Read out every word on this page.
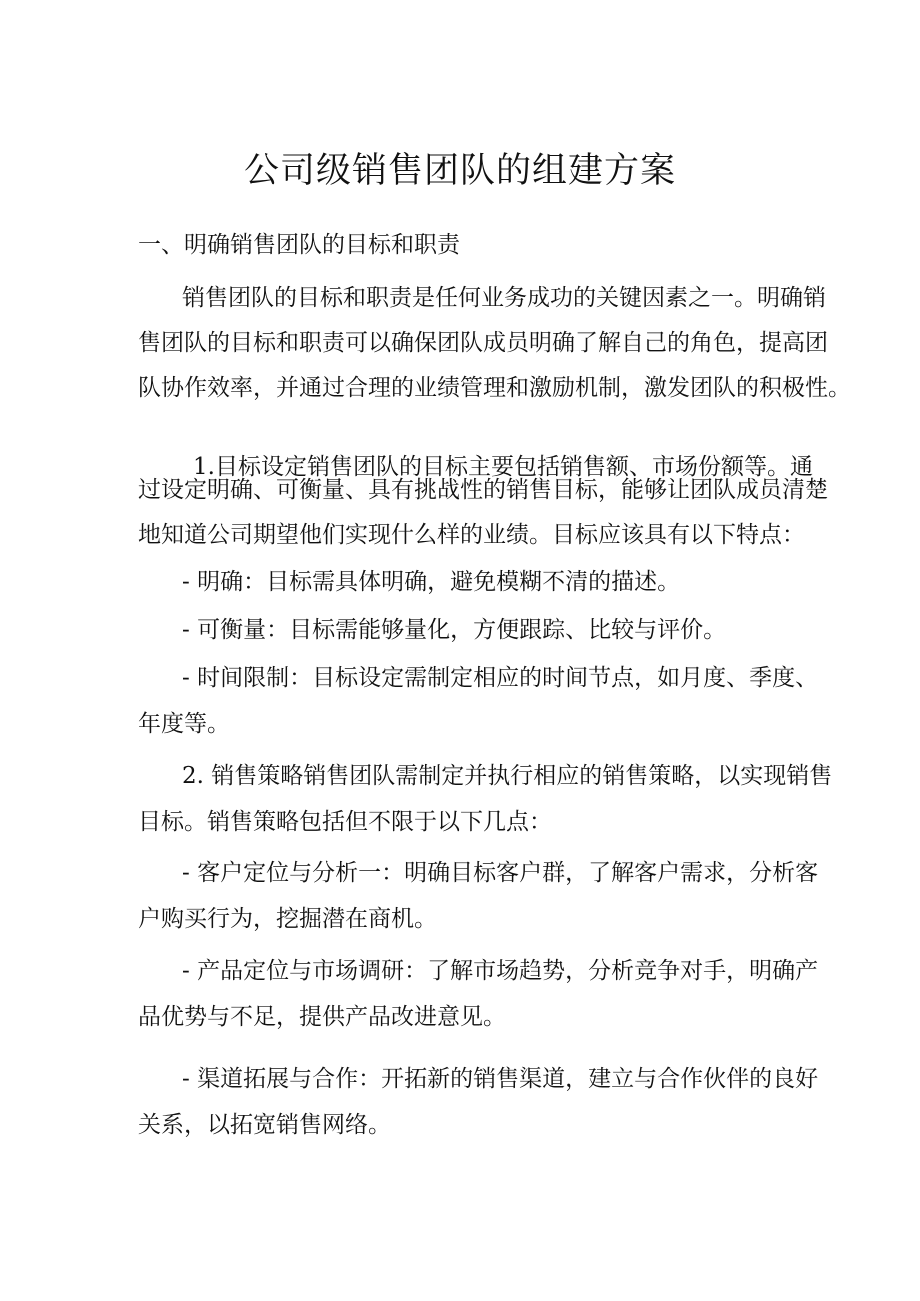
公司级销售团队的组建方案

一、明确销售团队的目标和职责

销售团队的目标和职责是任何业务成功的关键因素之一。明确销

售团队的目标和职责可以确保团队成员明确了解自己的角色，提高团

队协作效率，并通过合理的业绩管理和激励机制，激发团队的积极性。

1.目标设定销售团队的目标主要包括销售额、市场份额等。通

过设定明确、可衡量、具有挑战性的销售目标，能够让团队成员清楚

地知道公司期望他们实现什么样的业绩。目标应该具有以下特点：

- 明确：目标需具体明确，避免模糊不清的描述。

- 可衡量：目标需能够量化，方便跟踪、比较与评价。

- 时间限制：目标设定需制定相应的时间节点，如月度、季度、

年度等。

2. 销售策略销售团队需制定并执行相应的销售策略，以实现销售

目标。销售策略包括但不限于以下几点：

- 客户定位与分析一：明确目标客户群，了解客户需求，分析客

户购买行为，挖掘潜在商机。

- 产品定位与市场调研：了解市场趋势，分析竞争对手，明确产

品优势与不足，提供产品改进意见。

- 渠道拓展与合作：开拓新的销售渠道，建立与合作伙伴的良好

关系，以拓宽销售网络。
